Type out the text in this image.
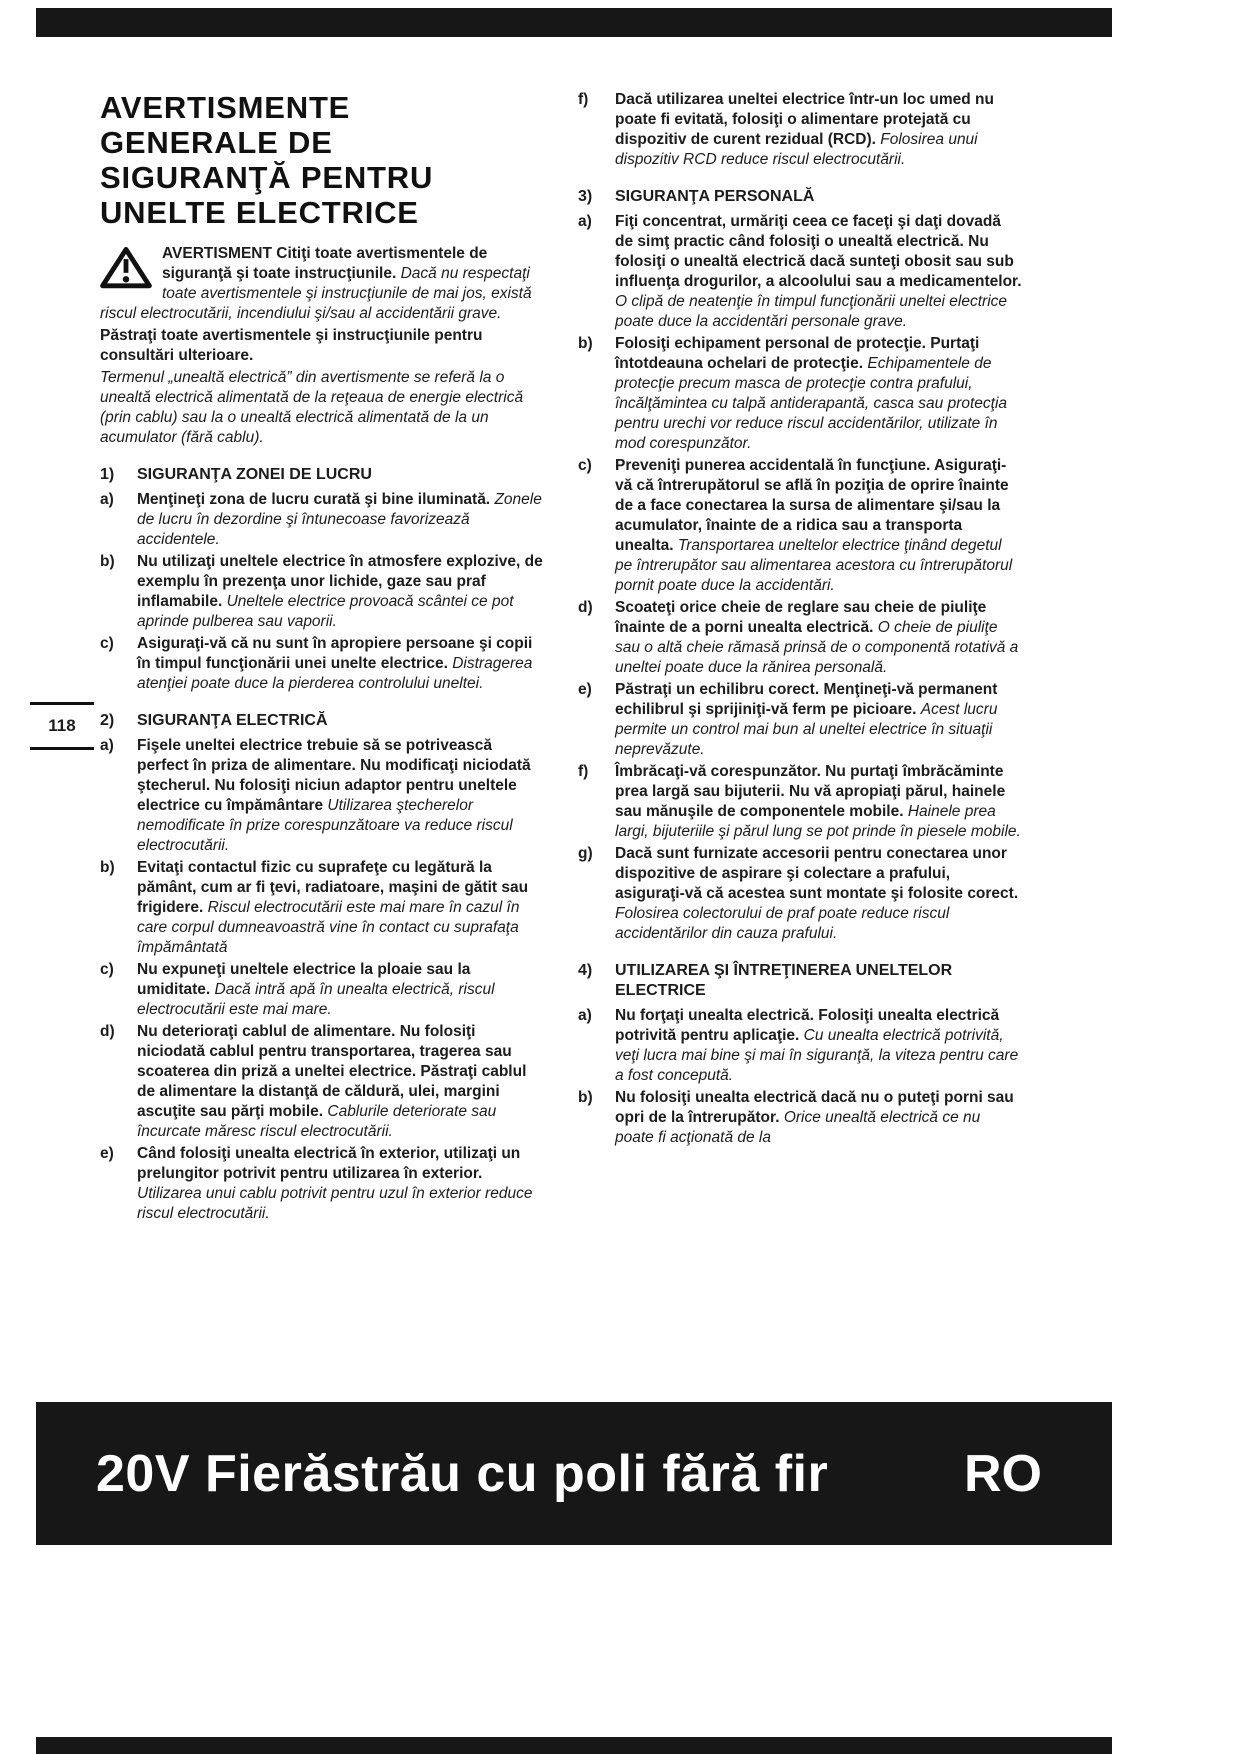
AVERTISMENTE
GENERALE DE
SIGURANŢĂ PENTRU
UNELTE ELECTRICE
AVERTISMENT Citiţi toate avertismentele de siguranţă şi toate instrucţiunile. Dacă nu respectaţi toate avertismentele şi instrucţiunile de mai jos, există riscul electrocutării, incendiului şi/sau al accidentării grave.
Păstraţi toate avertismentele şi instrucţiunile pentru consultări ulterioare.
Termenul „unealtă electrică” din avertismente se referă la o unealtă electrică alimentată de la reţeaua de energie electrică (prin cablu) sau la o unealtă electrică alimentată de la un acumulator (fără cablu).
1)	SIGURANŢA ZONEI DE LUCRU
a)	Menţineţi zona de lucru curată şi bine iluminată. Zonele de lucru în dezordine şi întunecoase favorizează accidentele.

b)	Nu utilizaţi uneltele electrice în atmosfere explozive, de exemplu în prezenţa unor lichide, gaze sau praf inflamabile. Uneltele electrice provoacă scântei ce pot aprinde pulberea sau vaporii.

c)	Asiguraţi-vă că nu sunt în apropiere persoane şi copii în timpul funcţionării unei unelte electrice. Distragerea atenţiei poate duce la pierderea controlului uneltei.

2)	SIGURANŢA ELECTRICĂ
a)	Fişele uneltei electrice trebuie să se potrivească perfect în priza de alimentare. Nu modificaţi niciodată ştecherul. Nu folosiţi niciun adaptor pentru uneltele electrice cu împământare Utilizarea ştecherelor nemodificate în prize corespunzătoare va reduce riscul electrocutării.

b)	Evitaţi contactul fizic cu suprafeţe cu legătură la pământ, cum ar fi ţevi, radiatoare, maşini de gătit sau frigidere. Riscul electrocutării este mai mare în cazul în care corpul dumneavoastră vine în contact cu suprafaţa împământată

c)	Nu expuneţi uneltele electrice la ploaie sau la umiditate. Dacă intră apă în unealta electrică, riscul electrocutării este mai mare.

d)	Nu deterioraţi cablul de alimentare. Nu folosiţi niciodată cablul pentru transportarea, tragerea sau scoaterea din priză a uneltei electrice. Păstraţi cablul de alimentare la distanţă de căldură, ulei, margini ascuţite sau părţi mobile. Cablurile deteriorate sau încurcate măresc riscul electrocutării.

e)	Când folosiţi unealta electrică în exterior, utilizaţi un prelungitor potrivit pentru utilizarea în exterior. Utilizarea unui cablu potrivit pentru uzul în exterior reduce riscul electrocutării.

f)	Dacă utilizarea uneltei electrice într-un loc umed nu poate fi evitată, folosiţi o alimentare protejată cu dispozitiv de curent rezidual (RCD). Folosirea unui dispozitiv RCD reduce riscul electrocutării.

3)	SIGURANŢA PERSONALĂ
a)	Fiţi concentrat, urmăriţi ceea ce faceţi şi daţi dovadă de simţ practic când folosiţi o unealtă electrică. Nu folosiţi o unealtă electrică dacă sunteţi obosit sau sub influenţa drogurilor, a alcoolului sau a medicamentelor. O clipă de neatenţie în timpul funcţionării uneltei electrice poate duce la accidentări personale grave.

b)	Folosiţi echipament personal de protecţie. Purtaţi întotdeauna ochelari de protecţie. Echipamentele de protecţie precum masca de protecţie contra prafului, încălţămintea cu talpă antiderapantă, casca sau protecţia pentru urechi vor reduce riscul accidentărilor, utilizate în mod corespunzător.

c)	Preveniţi punerea accidentală în funcţiune. Asiguraţi-vă că întrerupătorul se află în poziţia de oprire înainte de a face conectarea la sursa de alimentare şi/sau la acumulator, înainte de a ridica sau a transporta unealta. Transportarea uneltelor electrice ţinând degetul pe întrerupător sau alimentarea acestora cu întrerupătorul pornit poate duce la accidentări.

d)	Scoateţi orice cheie de reglare sau cheie de piuliţe înainte de a porni unealta electrică. O cheie de piuliţe sau o altă cheie rămasă prinsă de o componentă rotativă a uneltei poate duce la rănirea personală.

e)	Păstraţi un echilibru corect. Menţineţi-vă permanent echilibrul şi sprijiniţi-vă ferm pe picioare. Acest lucru permite un control mai bun al uneltei electrice în situaţii neprevăzute.

f)	Îmbrăcaţi-vă corespunzător. Nu purtaţi îmbrăcăminte prea largă sau bijuterii. Nu vă apropiaţi părul, hainele sau mănuşile de componentele mobile. Hainele prea largi, bijuteriile şi părul lung se pot prinde în piesele mobile.

g)	Dacă sunt furnizate accesorii pentru conectarea unor dispozitive de aspirare şi colectare a prafului, asiguraţi-vă că acestea sunt montate şi folosite corect. Folosirea colectorului de praf poate reduce riscul accidentărilor din cauza prafului.

4)	UTILIZAREA ŞI ÎNTREŢINEREA UNELTELOR ELECTRICE
a)	Nu forţaţi unealta electrică. Folosiţi unealta electrică potrivită pentru aplicaţie. Cu unealta electrică potrivită, veţi lucra mai bine şi mai în siguranţă, la viteza pentru care a fost concepută.

b)	Nu folosiţi unealta electrică dacă nu o puteţi porni sau opri de la întrerupător. Orice unealtă electrică ce nu poate fi acţionată de la

118
20V Fierăstrău cu poli fără fir	RO
